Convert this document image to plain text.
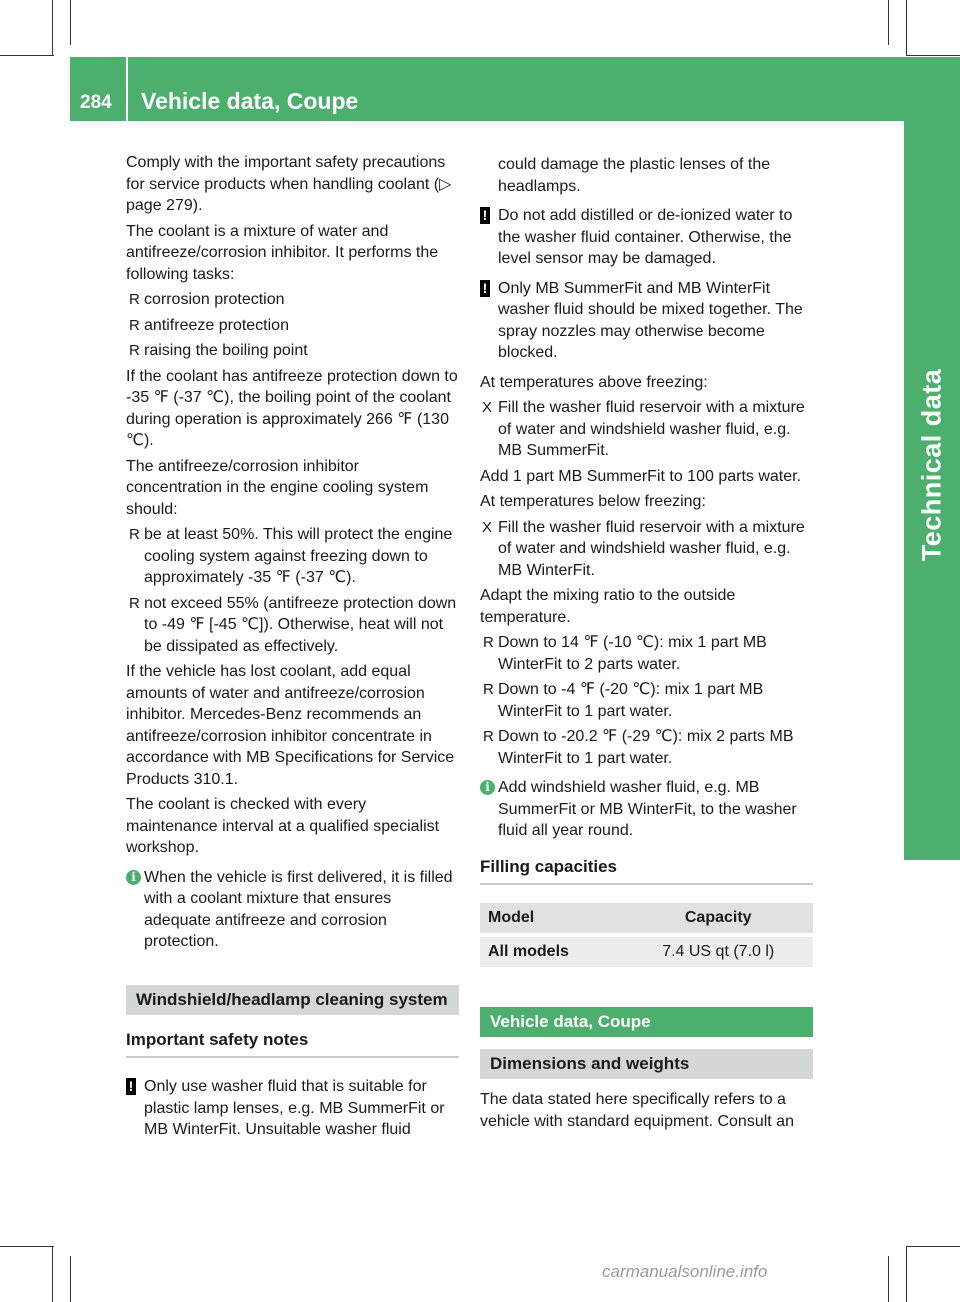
284 Vehicle data, Coupe
Technical data

Comply with the important safety precautions for service products when handling coolant (▷ page 279).

The coolant is a mixture of water and antifreeze/corrosion inhibitor. It performs the following tasks:

R corrosion protection
R antifreeze protection
R raising the boiling point

If the coolant has antifreeze protection down to -35 ℉ (-37 ℃), the boiling point of the coolant during operation is approximately 266 ℉ (130 ℃).

The antifreeze/corrosion inhibitor concentration in the engine cooling system should:

R be at least 50%. This will protect the engine cooling system against freezing down to approximately -35 ℉ (-37 ℃).
R not exceed 55% (antifreeze protection down to -49 ℉ [-45 ℃]). Otherwise, heat will not be dissipated as effectively.

If the vehicle has lost coolant, add equal amounts of water and antifreeze/corrosion inhibitor. Mercedes-Benz recommends an antifreeze/corrosion inhibitor concentrate in accordance with MB Specifications for Service Products 310.1.

The coolant is checked with every maintenance interval at a qualified specialist workshop.

i When the vehicle is first delivered, it is filled with a coolant mixture that ensures adequate antifreeze and corrosion protection.
Windshield/headlamp cleaning system
Important safety notes
! Only use washer fluid that is suitable for plastic lamp lenses, e.g. MB SummerFit or MB WinterFit. Unsuitable washer fluid

could damage the plastic lenses of the headlamps.

! Do not add distilled or de-ionized water to the washer fluid container. Otherwise, the level sensor may be damaged.
! Only MB SummerFit and MB WinterFit washer fluid should be mixed together. The spray nozzles may otherwise become blocked.

At temperatures above freezing:

X Fill the washer fluid reservoir with a mixture of water and windshield washer fluid, e.g. MB SummerFit.

Add 1 part MB SummerFit to 100 parts water.

At temperatures below freezing:

X Fill the washer fluid reservoir with a mixture of water and windshield washer fluid, e.g. MB WinterFit.

Adapt the mixing ratio to the outside temperature.

R Down to 14 ℉ (-10 ℃): mix 1 part MB WinterFit to 2 parts water.
R Down to -4 ℉ (-20 ℃): mix 1 part MB WinterFit to 1 part water.
R Down to -20.2 ℉ (-29 ℃): mix 2 parts MB WinterFit to 1 part water.
i Add windshield washer fluid, e.g. MB SummerFit or MB WinterFit, to the washer fluid all year round.
Filling capacities
Model	Capacity
All models	7.4 US qt (7.0 l)
Vehicle data, Coupe
Dimensions and weights

The data stated here specifically refers to a vehicle with standard equipment. Consult an

carmanualsonline.info
